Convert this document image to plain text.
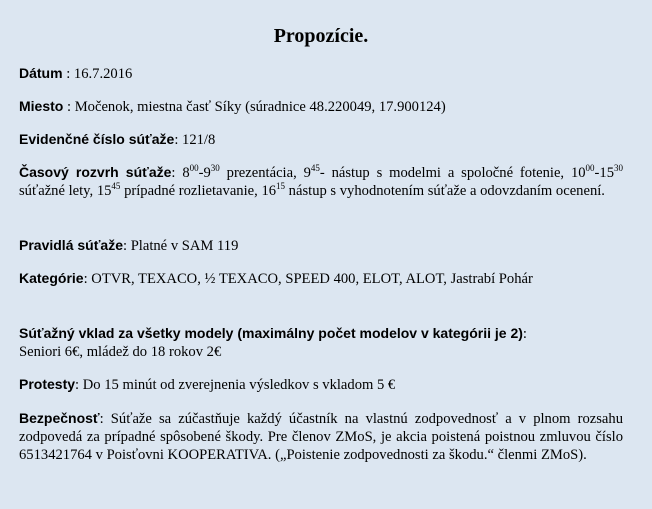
Propozície.

Dátum : 16.7.2016

Miesto : Močenok, miestna časť Síky (súradnice 48.220049, 17.900124)

Evidenčné číslo súťaže: 121/8

Časový rozvrh súťaže: $8^{00}-9^{30}$ prezentácia, $9^{45}-$ nástup s modelmi a spoločné fotenie, $10^{00}-15^{30}$ súťažné lety, $15^{45}$ prípadné rozlietavanie, $16^{15}$ nástup s vyhodnotením súťaže a odovzdaním ocenení.

Pravidlá súťaže: Platné v SAM 119

Kategórie: OTVR, TEXACO, ½ TEXACO, SPEED 400, ELOT, ALOT, Jastrabí Pohár

Súťažný vklad za všetky modely (maximálny počet modelov v kategórii je 2):
Seniori 6€, mládež do 18 rokov 2€

Protesty: Do 15 minút od zverejnenia výsledkov s vkladom 5 €

Bezpečnosť: Súťaže sa zúčastňuje každý účastník na vlastnú zodpovednosť a v plnom rozsahu zodpovedá za prípadné spôsobené škody. Pre členov ZMoS, je akcia poistená poistnou zmluvou číslo 6513421764 v Poisťovni KOOPERATIVA. („Poistenie zodpovednosti za škodu.“ členmi ZMoS).
